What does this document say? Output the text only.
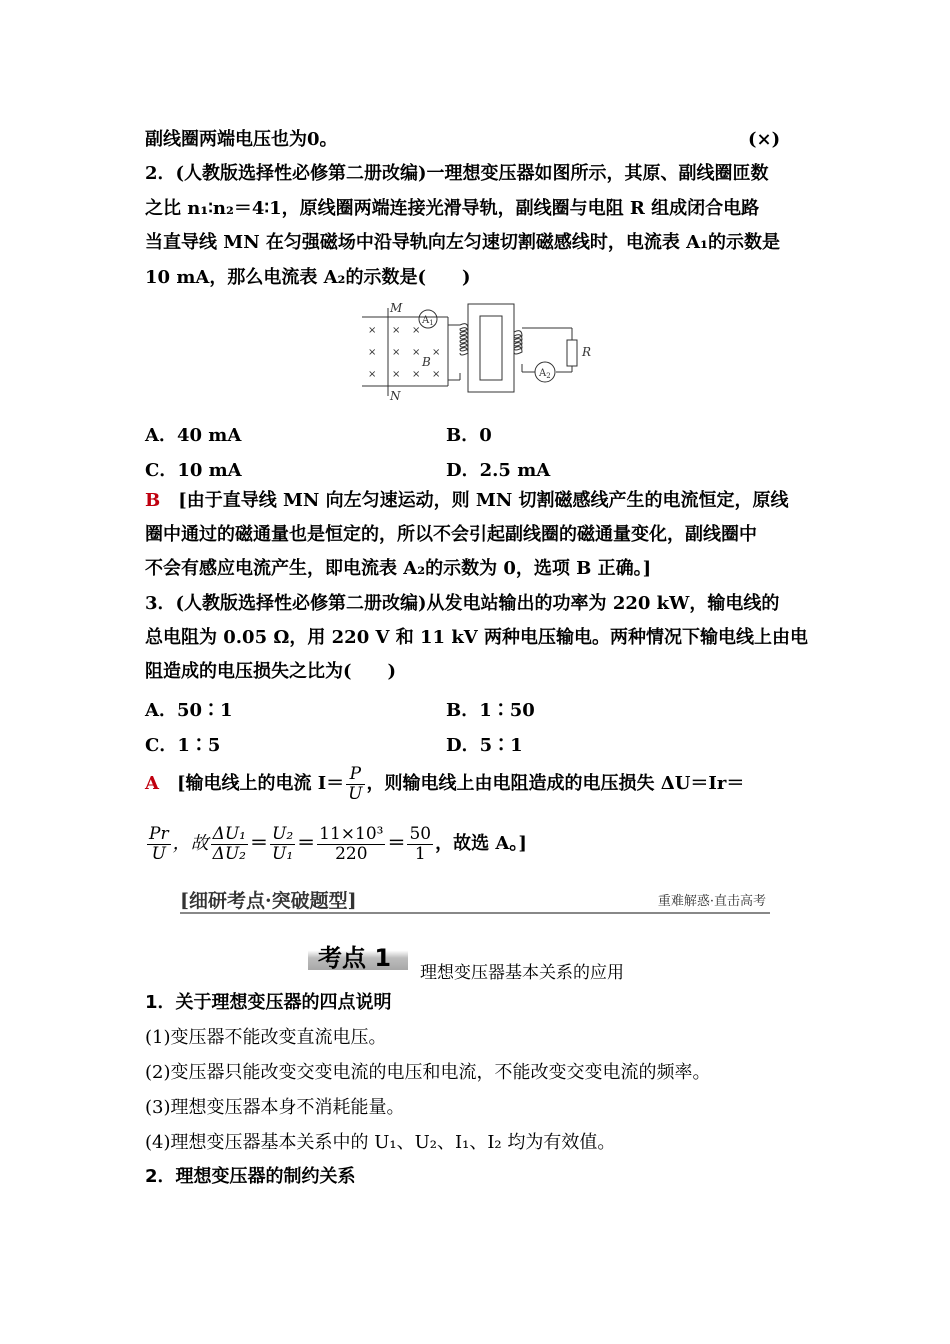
副线圈两端电压也为0。	(×)
2．(人教版选择性必修第二册改编)一理想变压器如图所示，其原、副线圈匝数
之比 n₁∶n₂＝4∶1，原线圈两端连接光滑导轨，副线圈与电阻 R 组成闭合电路
当直导线 MN 在匀强磁场中沿导轨向左匀速切割磁感线时，电流表 A₁的示数是
10 mA，那么电流表 A₂的示数是(　　)
M
N
B
R
$A_1$
$A_2$
× × ×
× × × ×
× × × ×
A．40 mA	B．0
C．10 mA	D．2.5 mA
B　 [由于直导线 MN 向左匀速运动，则 MN 切割磁感线产生的电流恒定，原线
圈中通过的磁通量也是恒定的，所以不会引起副线圈的磁通量变化，副线圈中
不会有感应电流产生，即电流表 A₂的示数为 0，选项 B 正确。]
3．(人教版选择性必修第二册改编)从发电站输出的功率为 220 kW，输电线的
总电阻为 0.05 Ω，用 220 V 和 11 kV 两种电压输电。两种情况下输电线上由电
阻造成的电压损失之比为(　　)
A．50∶1	B．1∶50
C．1∶5	D．5∶1
A　 [输电线上的电流 $I= \frac{P}{U}$ ，则输电线上由电阻造成的电压损失 ΔU＝Ir＝
$\frac{Pr}{U}$ ，故 $\frac{\text{ΔU₁}}{\text{ΔU₂}} = \frac{\text{U₂}}{\text{U₁}} = \frac{\text{11×10³}}{220} = \frac{50}{1}$ ，故选 A。]
[细研考点·突破题型]	重难解惑·直击高考
考点 1
理想变压器基本关系的应用
1．关于理想变压器的四点说明
(1)变压器不能改变直流电压。
(2)变压器只能改变交变电流的电压和电流，不能改变交变电流的频率。
(3)理想变压器本身不消耗能量。
(4)理想变压器基本关系中的 U₁、U₂、I₁、I₂ 均为有效值。
2．理想变压器的制约关系
